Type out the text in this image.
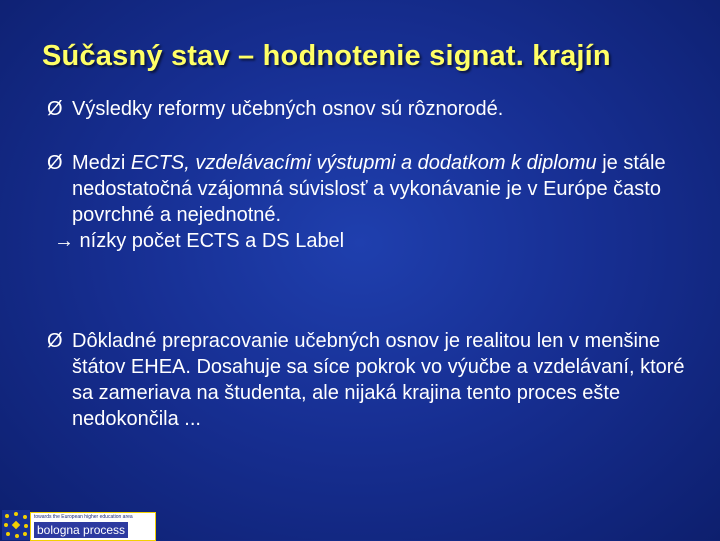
Súčasný stav – hodnotenie signat. krajín
Ø Výsledky reformy učebných osnov sú rôznorodé.
Ø Medzi ECTS, vzdelávacími výstupmi a dodatkom k diplomu je stále nedostatočná vzájomná súvislosť a vykonávanie je v Európe často povrchné a nejednotné.
→ nízky počet ECTS a DS Label
Ø Dôkladné prepracovanie učebných osnov je realitou len v menšine štátov EHEA. Dosahuje sa síce pokrok vo výučbe a vzdelávaní, ktoré sa zameriava na študenta, ale nijaká krajina tento proces ešte nedokončila ...
towards the European higher education area
bologna process
